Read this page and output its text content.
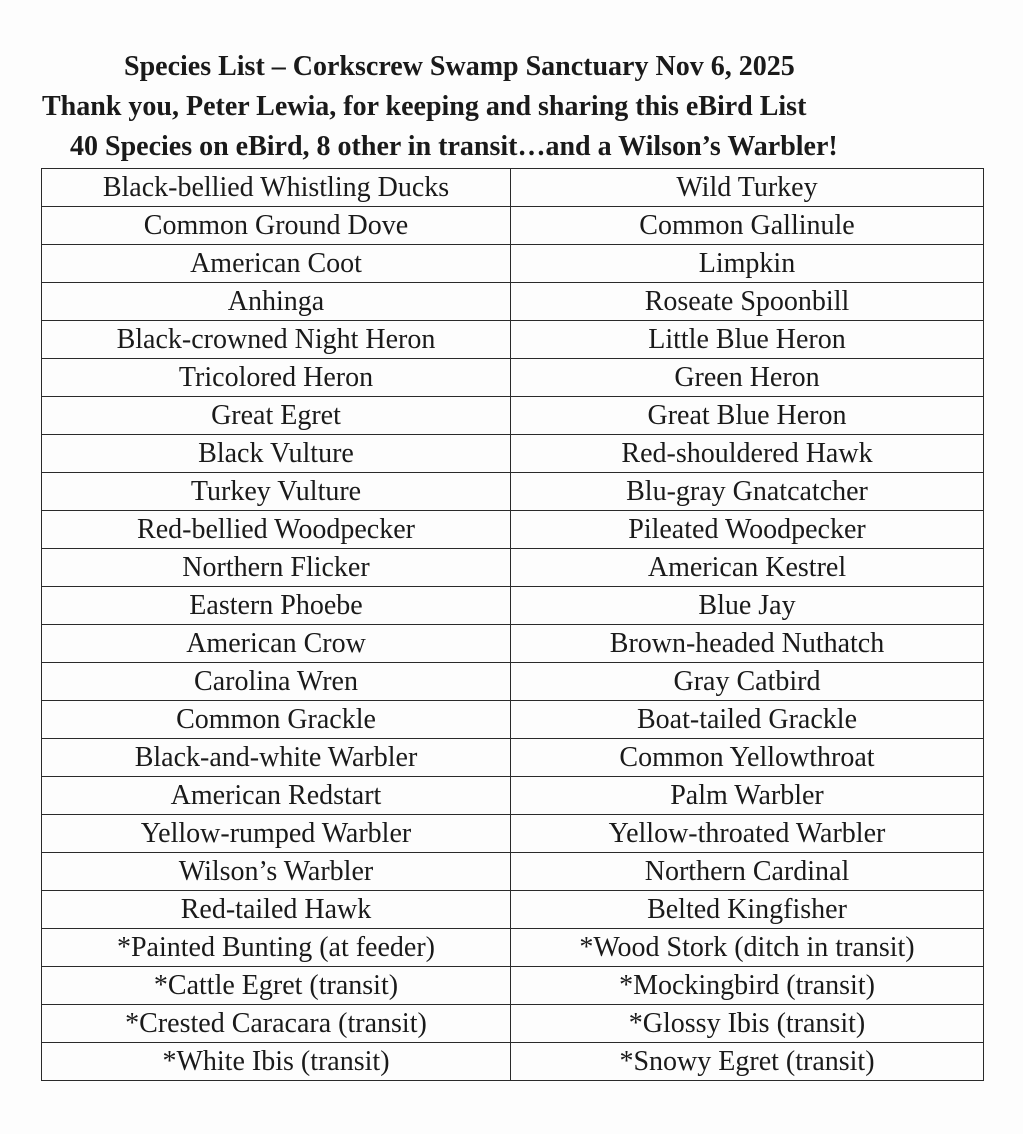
Species List – Corkscrew Swamp Sanctuary Nov 6, 2025
Thank you, Peter Lewia, for keeping and sharing this eBird List
40 Species on eBird, 8 other in transit…and a Wilson’s Warbler!
Black-bellied Whistling Ducks	Wild Turkey
Common Ground Dove	Common Gallinule
American Coot	Limpkin
Anhinga	Roseate Spoonbill
Black-crowned Night Heron	Little Blue Heron
Tricolored Heron	Green Heron
Great Egret	Great Blue Heron
Black Vulture	Red-shouldered Hawk
Turkey Vulture	Blu-gray Gnatcatcher
Red-bellied Woodpecker	Pileated Woodpecker
Northern Flicker	American Kestrel
Eastern Phoebe	Blue Jay
American Crow	Brown-headed Nuthatch
Carolina Wren	Gray Catbird
Common Grackle	Boat-tailed Grackle
Black-and-white Warbler	Common Yellowthroat
American Redstart	Palm Warbler
Yellow-rumped Warbler	Yellow-throated Warbler
Wilson’s Warbler	Northern Cardinal
Red-tailed Hawk	Belted Kingfisher
*Painted Bunting (at feeder)	*Wood Stork (ditch in transit)
*Cattle Egret (transit)	*Mockingbird (transit)
*Crested Caracara (transit)	*Glossy Ibis (transit)
*White Ibis (transit)	*Snowy Egret (transit)
